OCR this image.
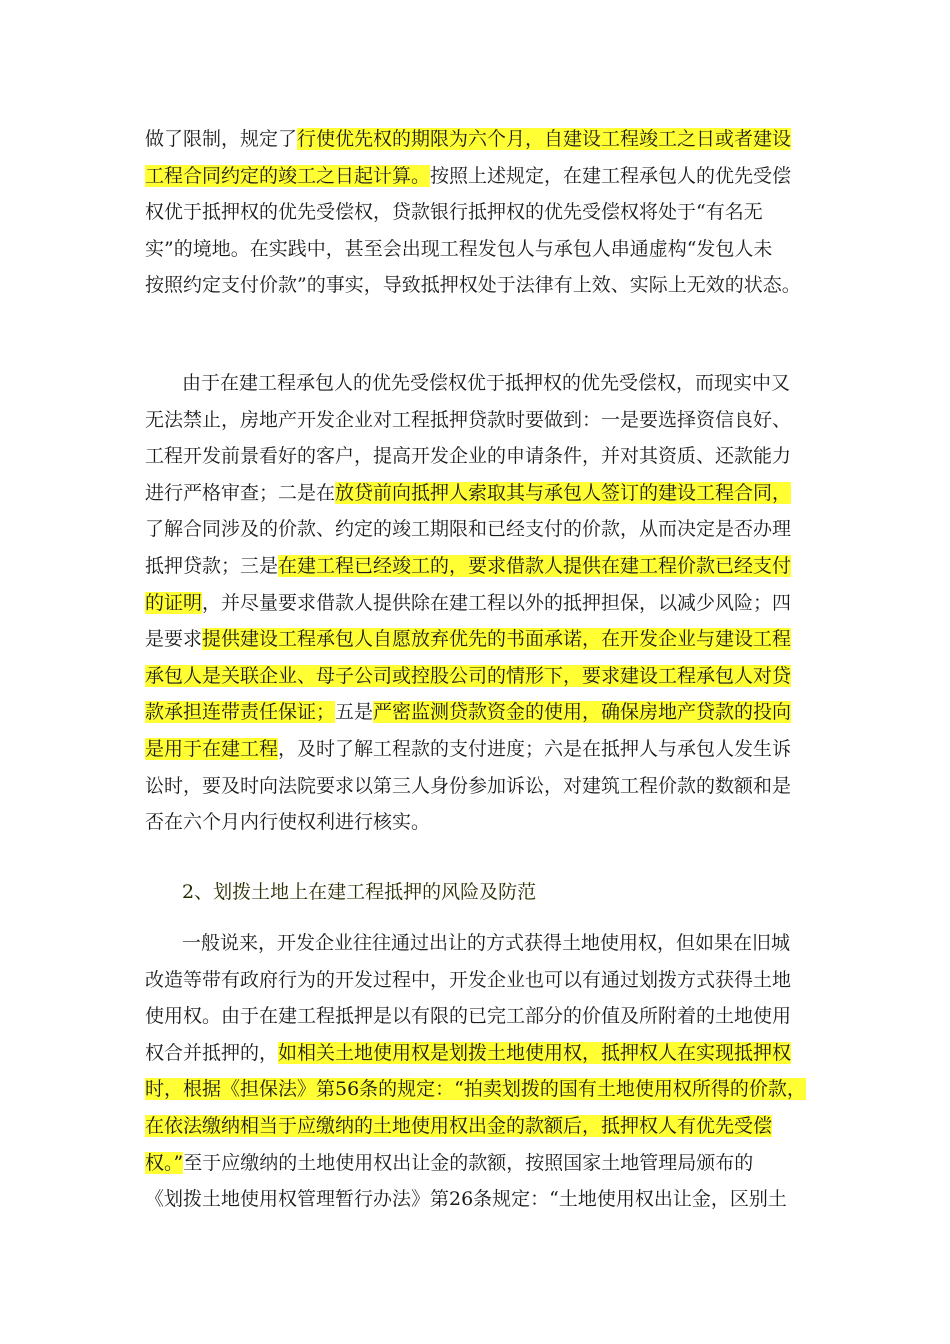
做了限制，规定了行使优先权的期限为六个月，自建设工程竣工之日或者建设
工程合同约定的竣工之日起计算。按照上述规定，在建工程承包人的优先受偿
权优于抵押权的优先受偿权，贷款银行抵押权的优先受偿权将处于“有名无
实”的境地。在实践中，甚至会出现工程发包人与承包人串通虚构“发包人未
按照约定支付价款”的事实，导致抵押权处于法律有上效、实际上无效的状态。
由于在建工程承包人的优先受偿权优于抵押权的优先受偿权，而现实中又
无法禁止，房地产开发企业对工程抵押贷款时要做到：一是要选择资信良好、
工程开发前景看好的客户，提高开发企业的申请条件，并对其资质、还款能力
进行严格审查；二是在放贷前向抵押人索取其与承包人签订的建设工程合同，
了解合同涉及的价款、约定的竣工期限和已经支付的价款，从而决定是否办理
抵押贷款；三是在建工程已经竣工的，要求借款人提供在建工程价款已经支付
的证明，并尽量要求借款人提供除在建工程以外的抵押担保，以减少风险；四
是要求提供建设工程承包人自愿放弃优先的书面承诺，在开发企业与建设工程
承包人是关联企业、母子公司或控股公司的情形下，要求建设工程承包人对贷
款承担连带责任保证；五是严密监测贷款资金的使用，确保房地产贷款的投向
是用于在建工程，及时了解工程款的支付进度；六是在抵押人与承包人发生诉
讼时，要及时向法院要求以第三人身份参加诉讼，对建筑工程价款的数额和是
否在六个月内行使权利进行核实。
2、划拨土地上在建工程抵押的风险及防范
一般说来，开发企业往往通过出让的方式获得土地使用权，但如果在旧城
改造等带有政府行为的开发过程中，开发企业也可以有通过划拨方式获得土地
使用权。由于在建工程抵押是以有限的已完工部分的价值及所附着的土地使用
权合并抵押的，如相关土地使用权是划拨土地使用权，抵押权人在实现抵押权
时，根据《担保法》第56条的规定：“拍卖划拨的国有土地使用权所得的价款，
在依法缴纳相当于应缴纳的土地使用权出金的款额后，抵押权人有优先受偿
权。”至于应缴纳的土地使用权出让金的款额，按照国家土地管理局颁布的
《划拨土地使用权管理暂行办法》第26条规定：“土地使用权出让金，区别土
